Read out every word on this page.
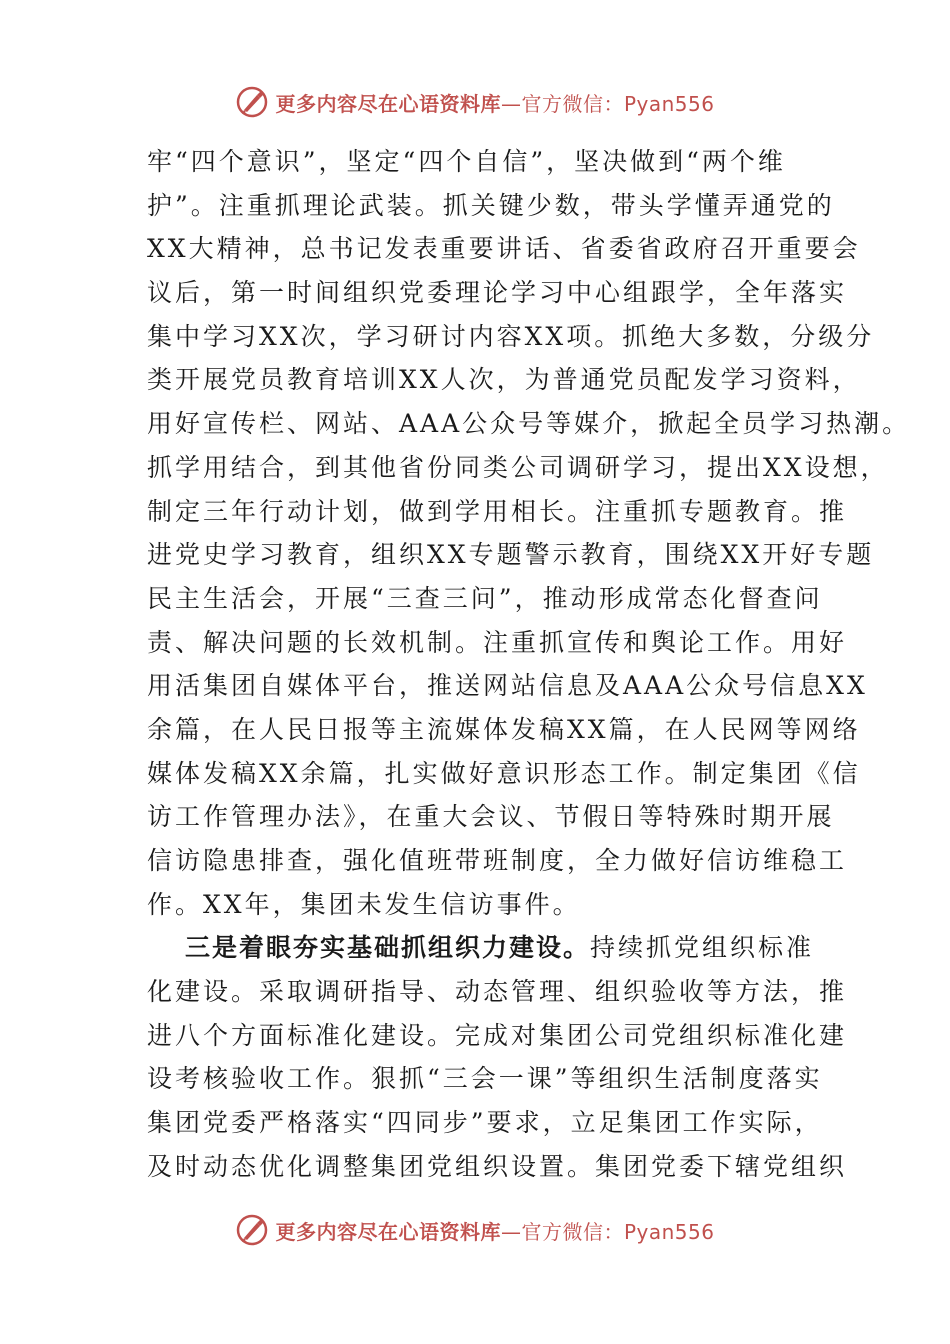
更多内容尽在心语资料库—官方微信：Pyan556
牢“四个意识”，坚定“四个自信”，坚决做到“两个维
护”。注重抓理论武装。抓关键少数，带头学懂弄通党的
XX大精神，总书记发表重要讲话、省委省政府召开重要会
议后，第一时间组织党委理论学习中心组跟学，全年落实
集中学习XX次，学习研讨内容XX项。抓绝大多数，分级分
类开展党员教育培训XX人次，为普通党员配发学习资料，
用好宣传栏、网站、AAA公众号等媒介，掀起全员学习热潮。
抓学用结合，到其他省份同类公司调研学习，提出XX设想，
制定三年行动计划，做到学用相长。注重抓专题教育。推
进党史学习教育，组织XX专题警示教育，围绕XX开好专题
民主生活会，开展“三查三问”，推动形成常态化督查问
责、解决问题的长效机制。注重抓宣传和舆论工作。用好
用活集团自媒体平台，推送网站信息及AAA公众号信息XX
余篇，在人民日报等主流媒体发稿XX篇，在人民网等网络
媒体发稿XX余篇，扎实做好意识形态工作。制定集团《信
访工作管理办法》，在重大会议、节假日等特殊时期开展
信访隐患排查，强化值班带班制度，全力做好信访维稳工
作。XX年，集团未发生信访事件。
三是着眼夯实基础抓组织力建设。持续抓党组织标准
化建设。采取调研指导、动态管理、组织验收等方法，推
进八个方面标准化建设。完成对集团公司党组织标准化建
设考核验收工作。狠抓“三会一课”等组织生活制度落实
集团党委严格落实“四同步”要求，立足集团工作实际，
及时动态优化调整集团党组织设置。集团党委下辖党组织
更多内容尽在心语资料库—官方微信：Pyan556
